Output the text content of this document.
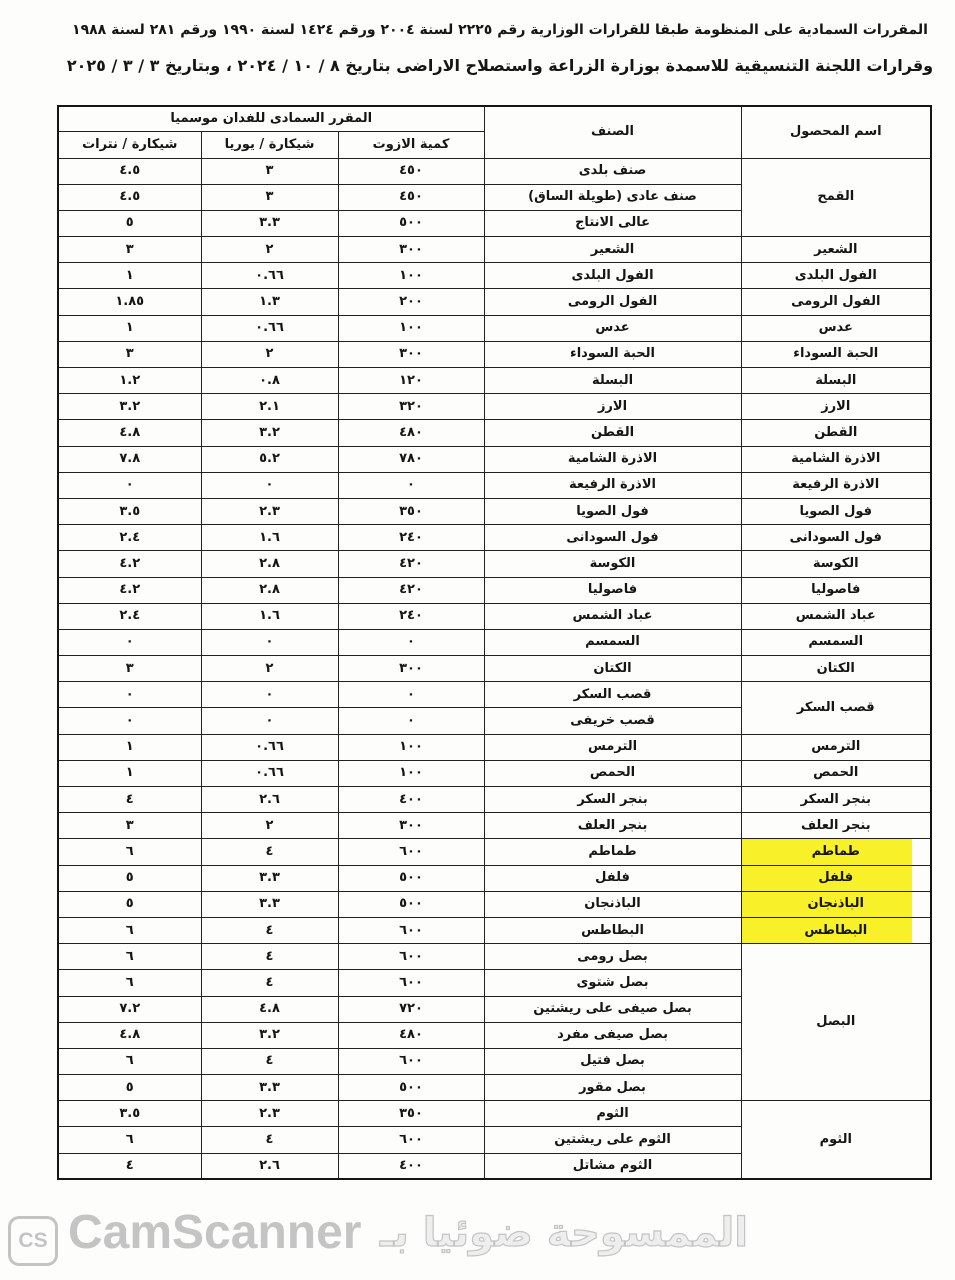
المقررات السمادية على المنظومة طبقا للقرارات الوزارية رقم ٢٢٢٥ لسنة ٢٠٠٤ ورقم ١٤٢٤ لسنة ١٩٩٠ ورقم ٢٨١ لسنة ١٩٨٨
وقرارات اللجنة التنسيقية للاسمدة بوزارة الزراعة واستصلاح الاراضى بتاريخ ٨ / ١٠ / ٢٠٢٤ ، وبتاريخ ٣ / ٣ / ٢٠٢٥
اسم المحصول	الصنف	المقرر السمادى للفدان موسميا		
		كمية الازوت	شيكارة / يوريا	شيكارة / نترات
القمح	صنف بلدى	٤٥٠	٣	٤.٥
	صنف عادى (طويلة الساق)	٤٥٠	٣	٤.٥
	عالى الانتاج	٥٠٠	٣.٣	٥
الشعير	الشعير	٣٠٠	٢	٣
الفول البلدى	الفول البلدى	١٠٠	٠.٦٦	١
الفول الرومى	الفول الرومى	٢٠٠	١.٣	١.٨٥
عدس	عدس	١٠٠	٠.٦٦	١
الحبة السوداء	الحبة السوداء	٣٠٠	٢	٣
البسلة	البسلة	١٢٠	٠.٨	١.٢
الارز	الارز	٣٢٠	٢.١	٣.٢
القطن	القطن	٤٨٠	٣.٢	٤.٨
الاذرة الشامية	الاذرة الشامية	٧٨٠	٥.٢	٧.٨
الاذرة الرفيعة	الاذرة الرفيعة	٠	٠	٠
فول الصويا	فول الصويا	٣٥٠	٢.٣	٣.٥
فول السودانى	فول السودانى	٢٤٠	١.٦	٢.٤
الكوسة	الكوسة	٤٢٠	٢.٨	٤.٢
فاصوليا	فاصوليا	٤٢٠	٢.٨	٤.٢
عباد الشمس	عباد الشمس	٢٤٠	١.٦	٢.٤
السمسم	السمسم	٠	٠	٠
الكتان	الكتان	٣٠٠	٢	٣
قصب السكر	قصب السكر	٠	٠	٠
	قصب خريفى	٠	٠	٠
الترمس	الترمس	١٠٠	٠.٦٦	١
الحمص	الحمص	١٠٠	٠.٦٦	١
بنجر السكر	بنجر السكر	٤٠٠	٢.٦	٤
بنجر العلف	بنجر العلف	٣٠٠	٢	٣
طماطم	طماطم	٦٠٠	٤	٦
فلفل	فلفل	٥٠٠	٣.٣	٥
الباذنجان	الباذنجان	٥٠٠	٣.٣	٥
البطاطس	البطاطس	٦٠٠	٤	٦
البصل	بصل رومى	٦٠٠	٤	٦
	بصل شتوى	٦٠٠	٤	٦
	بصل صيفى على ريشتين	٧٢٠	٤.٨	٧.٢
	بصل صيفى مفرد	٤٨٠	٣.٢	٤.٨
	بصل فتيل	٦٠٠	٤	٦
	بصل مقور	٥٠٠	٣.٣	٥
الثوم	الثوم	٣٥٠	٢.٣	٣.٥
	الثوم على ريشتين	٦٠٠	٤	٦
	الثوم مشاتل	٤٠٠	٢.٦	٤
CS CamScanner الممسوحة ضوئيا بـ
